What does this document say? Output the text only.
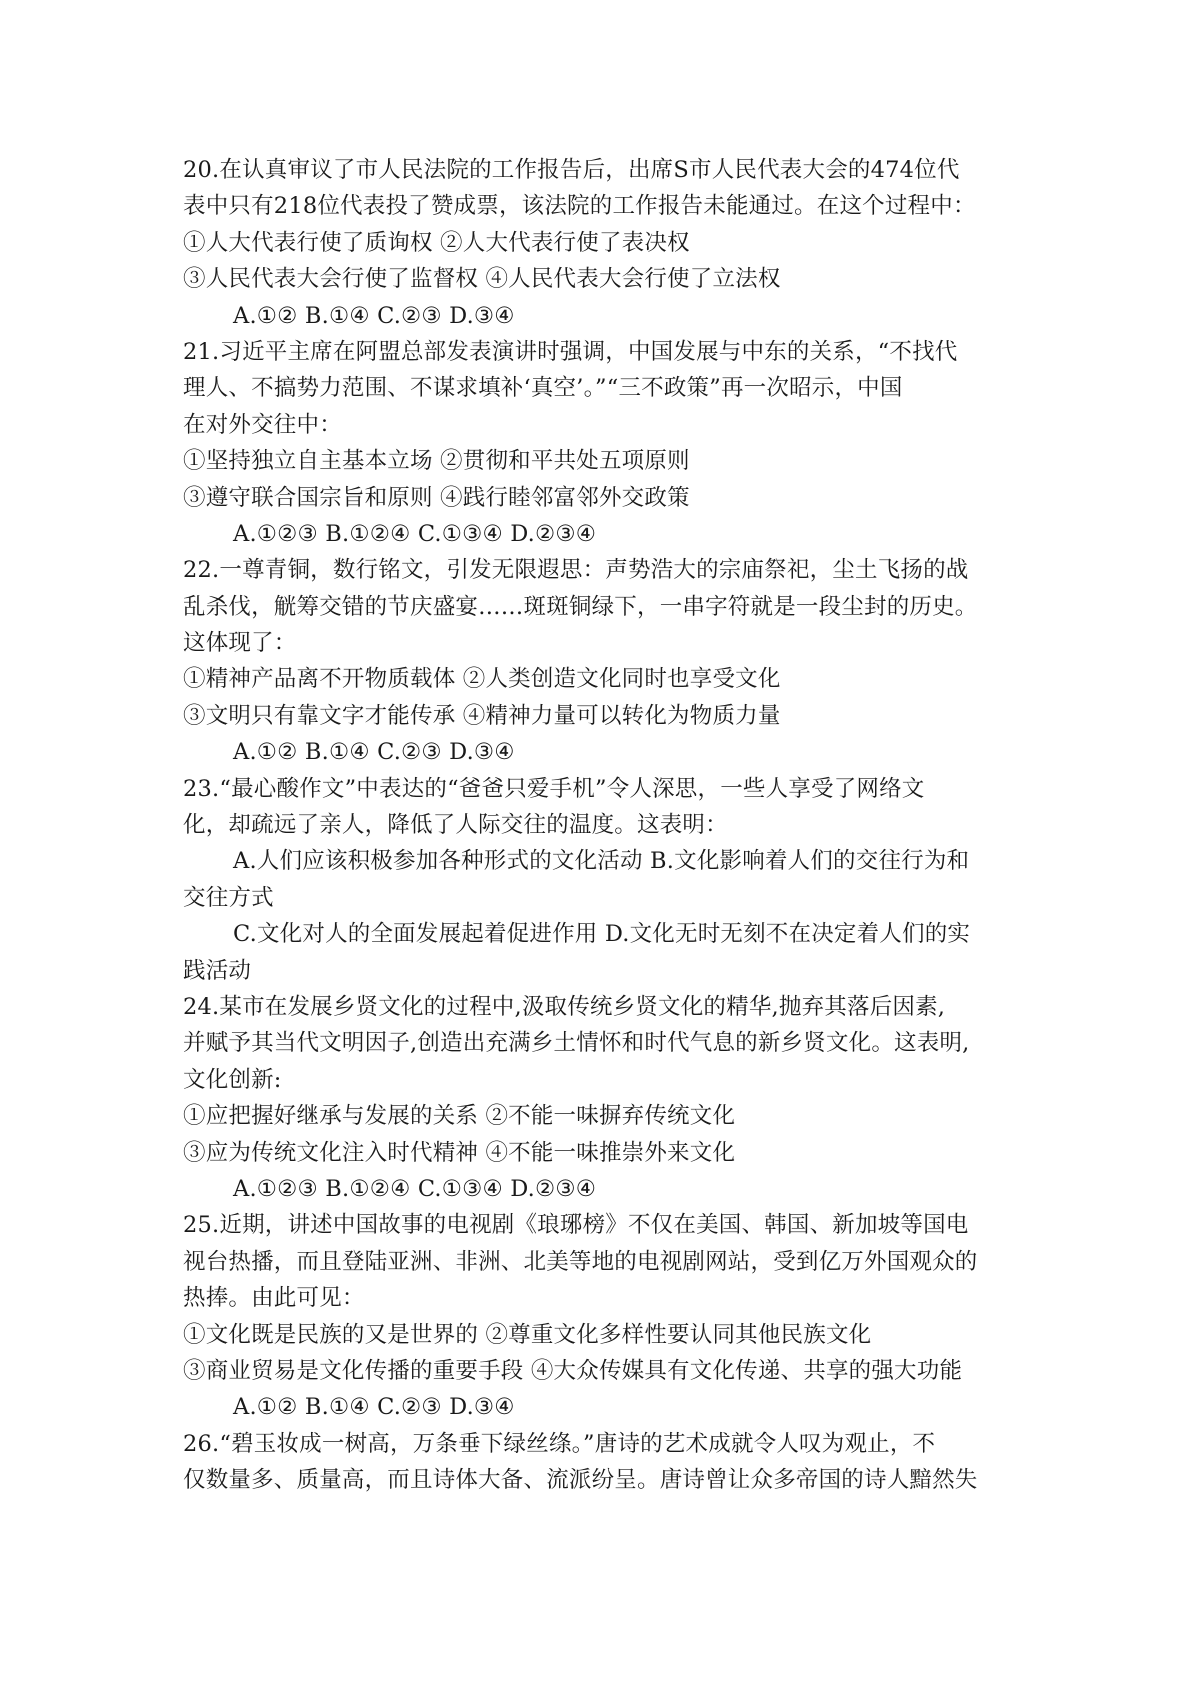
20.在认真审议了市人民法院的工作报告后，出席S市人民代表大会的474位代
表中只有218位代表投了赞成票，该法院的工作报告未能通过。在这个过程中：
①人大代表行使了质询权 ②人大代表行使了表决权
③人民代表大会行使了监督权 ④人民代表大会行使了立法权
A.①② B.①④ C.②③ D.③④
21.习近平主席在阿盟总部发表演讲时强调，中国发展与中东的关系，“不找代
理人、不搞势力范围、不谋求填补‘真空’。”“三不政策”再一次昭示，中国
在对外交往中：
①坚持独立自主基本立场 ②贯彻和平共处五项原则
③遵守联合国宗旨和原则 ④践行睦邻富邻外交政策
A.①②③ B.①②④ C.①③④ D.②③④
22.一尊青铜，数行铭文，引发无限遐思：声势浩大的宗庙祭祀，尘土飞扬的战
乱杀伐，觥筹交错的节庆盛宴……斑斑铜绿下，一串字符就是一段尘封的历史。
这体现了：
①精神产品离不开物质载体 ②人类创造文化同时也享受文化
③文明只有靠文字才能传承 ④精神力量可以转化为物质力量
A.①② B.①④ C.②③ D.③④
23.“最心酸作文”中表达的“爸爸只爱手机”令人深思，一些人享受了网络文
化，却疏远了亲人，降低了人际交往的温度。这表明：
A.人们应该积极参加各种形式的文化活动 B.文化影响着人们的交往行为和
交往方式
C.文化对人的全面发展起着促进作用 D.文化无时无刻不在决定着人们的实
践活动
24.某市在发展乡贤文化的过程中,汲取传统乡贤文化的精华,抛弃其落后因素,
并赋予其当代文明因子,创造出充满乡土情怀和时代气息的新乡贤文化。这表明,
文化创新:
①应把握好继承与发展的关系 ②不能一味摒弃传统文化
③应为传统文化注入时代精神 ④不能一味推崇外来文化
A.①②③ B.①②④ C.①③④ D.②③④
25.近期，讲述中国故事的电视剧《琅琊榜》不仅在美国、韩国、新加坡等国电
视台热播，而且登陆亚洲、非洲、北美等地的电视剧网站，受到亿万外国观众的
热捧。由此可见：
①文化既是民族的又是世界的 ②尊重文化多样性要认同其他民族文化
③商业贸易是文化传播的重要手段 ④大众传媒具有文化传递、共享的强大功能
A.①② B.①④ C.②③ D.③④
26.“碧玉妆成一树高，万条垂下绿丝绦。”唐诗的艺术成就令人叹为观止，不
仅数量多、质量高，而且诗体大备、流派纷呈。唐诗曾让众多帝国的诗人黯然失
